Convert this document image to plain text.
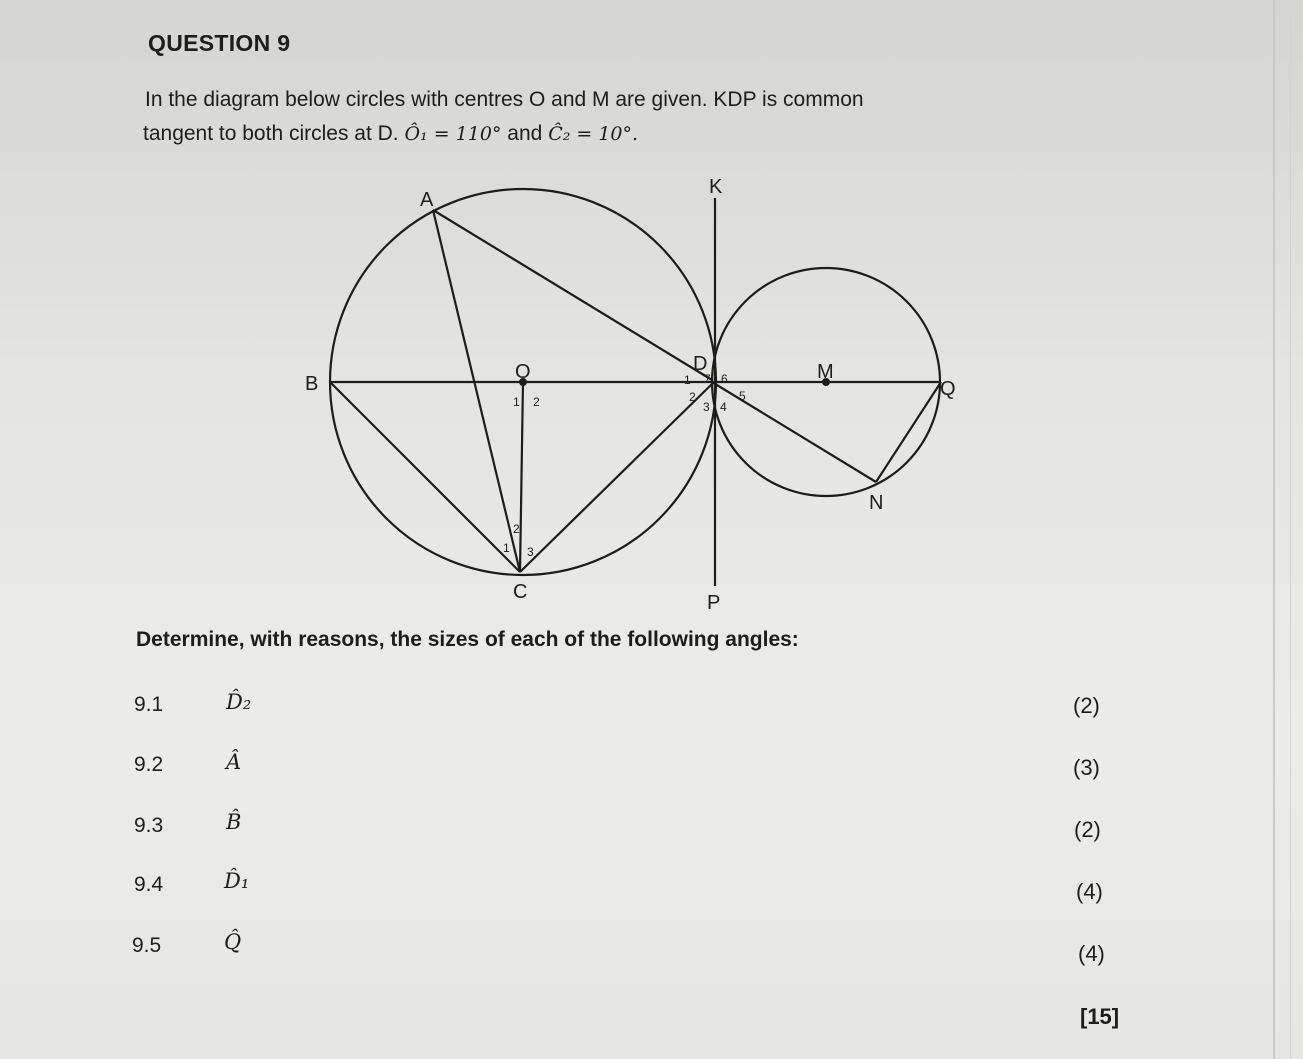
QUESTION 9
In the diagram below circles with centres O and M are given. KDP is common
tangent to both circles at D. Ô₁ = 110° and Ĉ₂ = 10°.
A
B
C
D
K
P
O	M
Q
N
1 2
1
2
3 4
5
6
7
1
2
3
Determine, with reasons, the sizes of each of the following angles:
9.1	D̂₂	(2)
9.2	Â	(3)
9.3	B̂	(2)
9.4	D̂₁	(4)
9.5	Q̂	(4)
[15]
